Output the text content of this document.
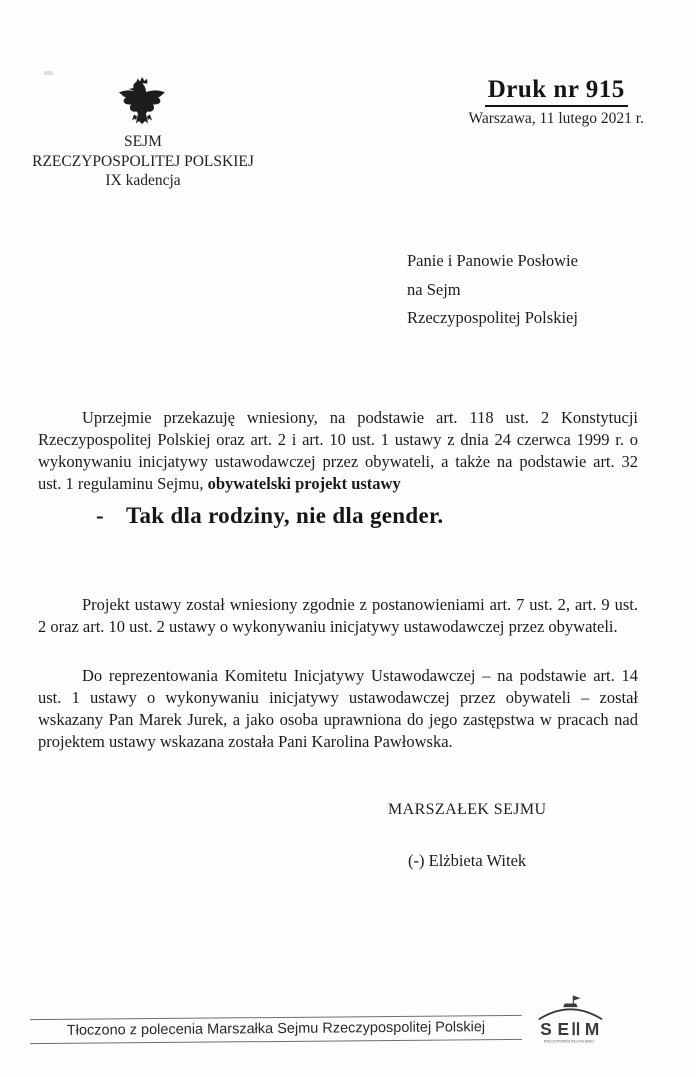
SEJM
RZECZYPOSPOLITEJ POLSKIEJ
IX kadencja
Druk nr 915
Warszawa, 11 lutego 2021 r.
Panie i Panowie Posłowie
na Sejm
Rzeczypospolitej Polskiej

Uprzejmie przekazuję wniesiony, na podstawie art. 118 ust. 2 Konstytucji Rzeczypospolitej Polskiej oraz art. 2 i art. 10 ust. 1 ustawy z dnia 24 czerwca 1999 r. o wykonywaniu inicjatywy ustawodawczej przez obywateli, a także na podstawie art. 32 ust. 1 regulaminu Sejmu, obywatelski projekt ustawy

- Tak dla rodziny, nie dla gender.

Projekt ustawy został wniesiony zgodnie z postanowieniami art. 7 ust. 2, art. 9 ust. 2 oraz art. 10 ust. 2 ustawy o wykonywaniu inicjatywy ustawodawczej przez obywateli.

Do reprezentowania Komitetu Inicjatywy Ustawodawczej – na podstawie art. 14 ust. 1 ustawy o wykonywaniu inicjatywy ustawodawczej przez obywateli – został wskazany Pan Marek Jurek, a jako osoba uprawniona do jego zastępstwa w pracach nad projektem ustawy wskazana została Pani Karolina Pawłowska.

MARSZAŁEK SEJMU
(-) Elżbieta Witek
Tłoczono z polecenia Marszałka Sejmu Rzeczypospolitej Polskiej	S E M
RZECZYPOSPOLITEJ POLSKIEJ
